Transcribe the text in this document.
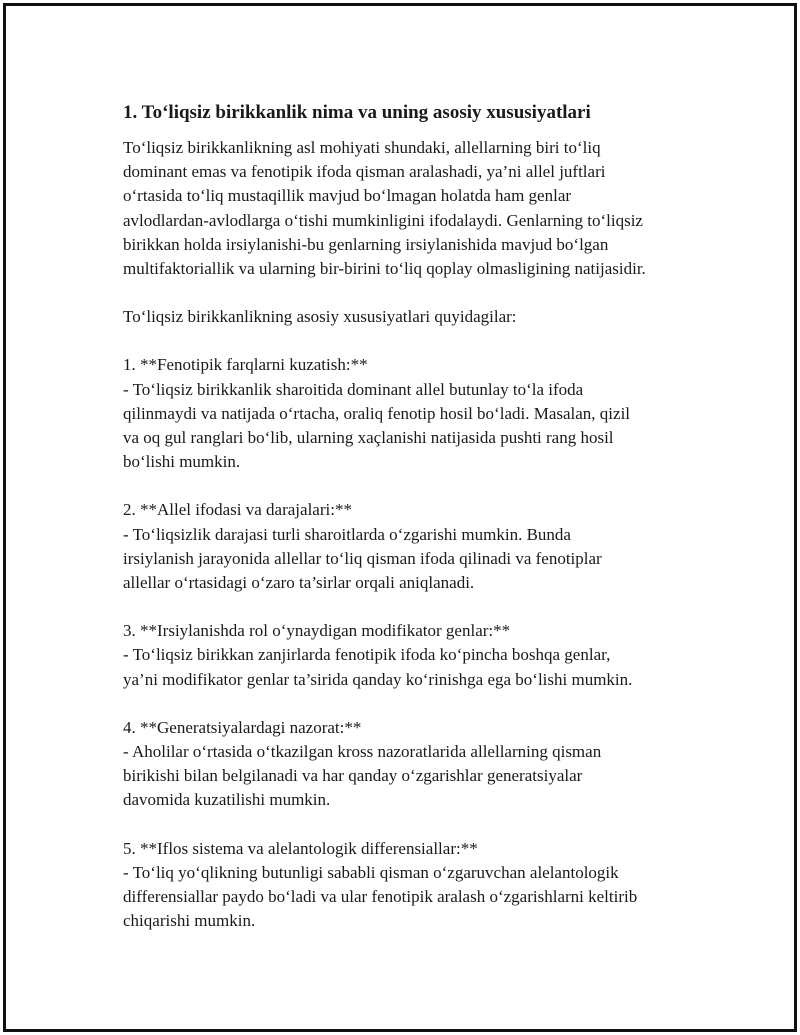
1. To‘liqsiz birikkanlik nima va uning asosiy xususiyatlari

To‘liqsiz birikkanlikning asl mohiyati shundaki, allellarning biri to‘liq
dominant emas va fenotipik ifoda qisman aralashadi, ya’ni allel juftlari
o‘rtasida to‘liq mustaqillik mavjud bo‘lmagan holatda ham genlar
avlodlardan-avlodlarga o‘tishi mumkinligini ifodalaydi. Genlarning to‘liqsiz
birikkan holda irsiylanishi-bu genlarning irsiylanishida mavjud bo‘lgan
multifaktoriallik va ularning bir-birini to‘liq qoplay olmasligining natijasidir.

To‘liqsiz birikkanlikning asosiy xususiyatlari quyidagilar:

1. **Fenotipik farqlarni kuzatish:**
- To‘liqsiz birikkanlik sharoitida dominant allel butunlay to‘la ifoda
qilinmaydi va natijada o‘rtacha, oraliq fenotip hosil bo‘ladi. Masalan, qizil
va oq gul ranglari bo‘lib, ularning xaçlanishi natijasida pushti rang hosil
bo‘lishi mumkin.
2. **Allel ifodasi va darajalari:**
- To‘liqsizlik darajasi turli sharoitlarda o‘zgarishi mumkin. Bunda
irsiylanish jarayonida allellar to‘liq qisman ifoda qilinadi va fenotiplar
allellar o‘rtasidagi o‘zaro ta’sirlar orqali aniqlanadi.
3. **Irsiylanishda rol o‘ynaydigan modifikator genlar:**
- To‘liqsiz birikkan zanjirlarda fenotipik ifoda ko‘pincha boshqa genlar,
ya’ni modifikator genlar ta’sirida qanday ko‘rinishga ega bo‘lishi mumkin.
4. **Generatsiyalardagi nazorat:**
- Aholilar o‘rtasida o‘tkazilgan kross nazoratlarida allellarning qisman
birikishi bilan belgilanadi va har qanday o‘zgarishlar generatsiyalar
davomida kuzatilishi mumkin.
5. **Iflos sistema va alelantologik differensiallar:**
- To‘liq yo‘qlikning butunligi sababli qisman o‘zgaruvchan alelantologik
differensiallar paydo bo‘ladi va ular fenotipik aralash o‘zgarishlarni keltirib
chiqarishi mumkin.
